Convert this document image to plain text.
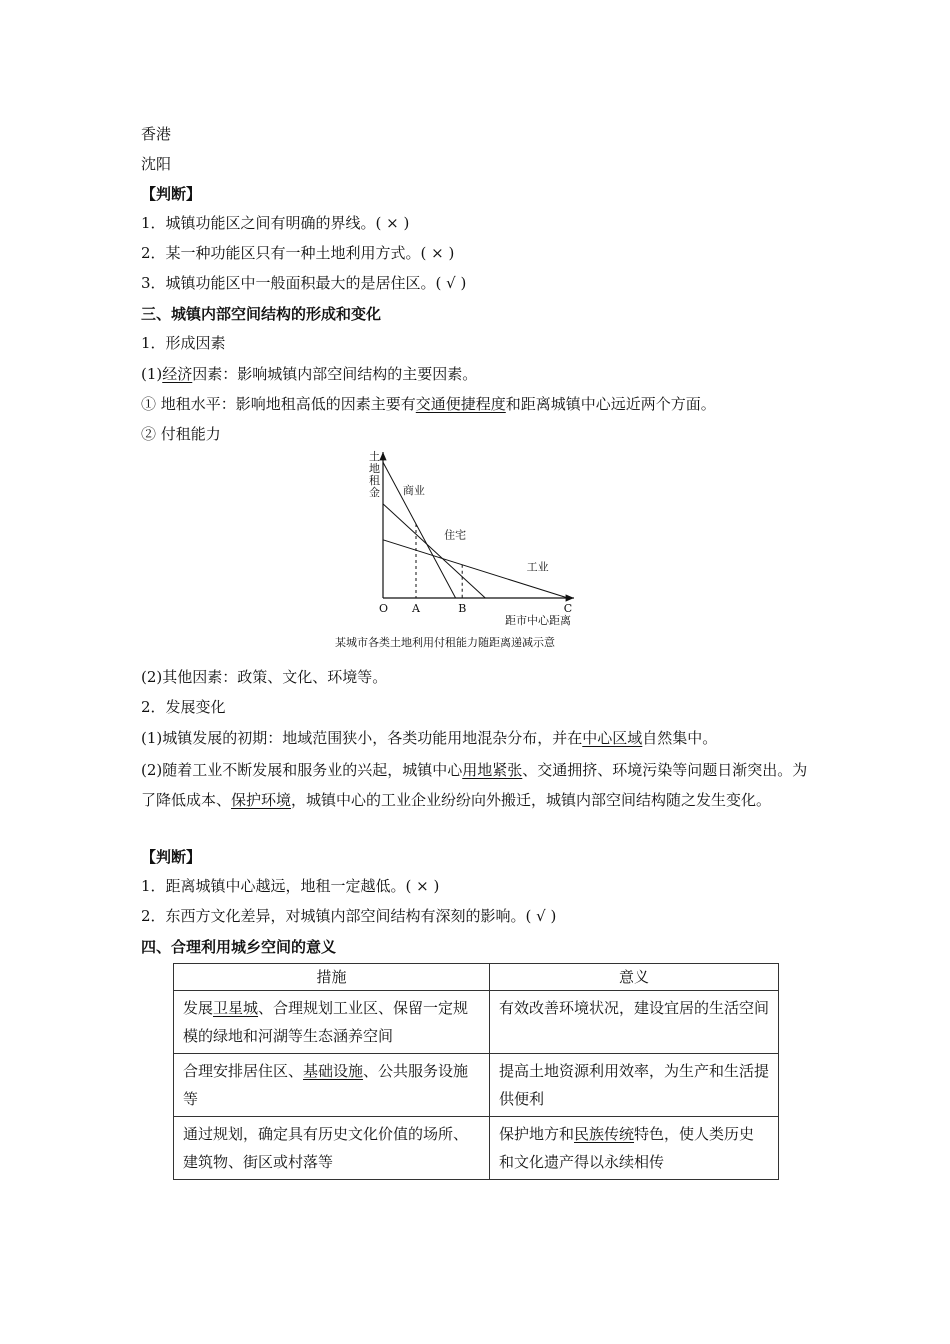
香港
沈阳
【判断】
1．城镇功能区之间有明确的界线。( × )
2．某一种功能区只有一种土地利用方式。( × )
3．城镇功能区中一般面积最大的是居住区。( √ )
三、城镇内部空间结构的形成和变化
1．形成因素
(1)经济因素：影响城镇内部空间结构的主要因素。
① 地租水平：影响地租高低的因素主要有交通便捷程度和距离城镇中心远近两个方面。
② 付租能力
土地租金
距市中心距离
商业
住宅
工业
O A	B	C
某城市各类土地利用付租能力随距离递减示意
(2)其他因素：政策、文化、环境等。
2．发展变化
(1)城镇发展的初期：地域范围狭小，各类功能用地混杂分布，并在中心区域自然集中。
(2)随着工业不断发展和服务业的兴起，城镇中心用地紧张、交通拥挤、环境污染等问题日渐突出。为了降低成本、保护环境，城镇中心的工业企业纷纷向外搬迁，城镇内部空间结构随之发生变化。
【判断】
1．距离城镇中心越远，地租一定越低。( × )
2．东西方文化差异，对城镇内部空间结构有深刻的影响。( √ )
四、合理利用城乡空间的意义
措施	意义
发展卫星城、合理规划工业区、保留一定规模的绿地和河湖等生态涵养空间	有效改善环境状况，建设宜居的生活空间
合理安排居住区、基础设施、公共服务设施等	提高土地资源利用效率，为生产和生活提供便利
通过规划，确定具有历史文化价值的场所、建筑物、街区或村落等	保护地方和民族传统特色，使人类历史和文化遗产得以永续相传
